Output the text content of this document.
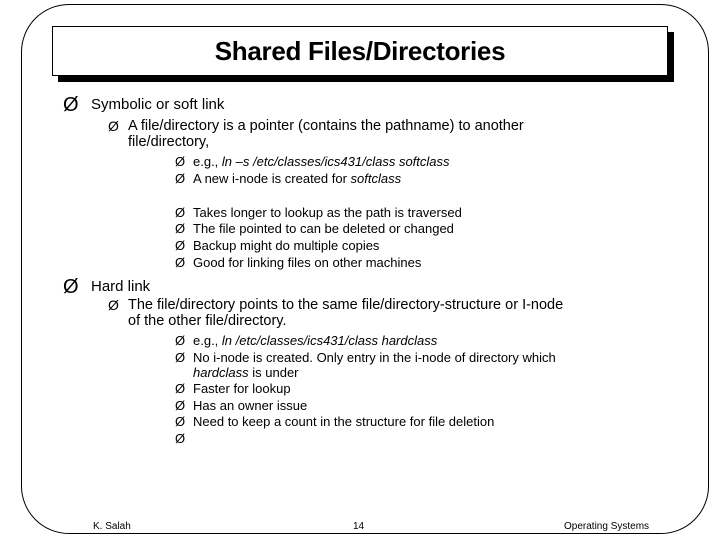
Shared Files/Directories
Ø Symbolic or soft link
Ø A file/directory is a pointer (contains the pathname) to another
file/directory,
Ø e.g., ln –s /etc/classes/ics431/class softclass
Ø A new i-node is created for softclass
Ø Takes longer to lookup as the path is traversed
Ø The file pointed to can be deleted or changed
Ø Backup might do multiple copies
Ø Good for linking files on other machines
Ø Hard link
Ø The file/directory points to the same file/directory-structure or I-node
of the other file/directory.
Ø e.g., ln /etc/classes/ics431/class hardclass
Ø No i-node is created. Only entry in the i-node of directory which
hardclass is under
Ø Faster for lookup
Ø Has an owner issue
Ø Need to keep a count in the structure for file deletion
Ø
K. Salah	14	Operating Systems
